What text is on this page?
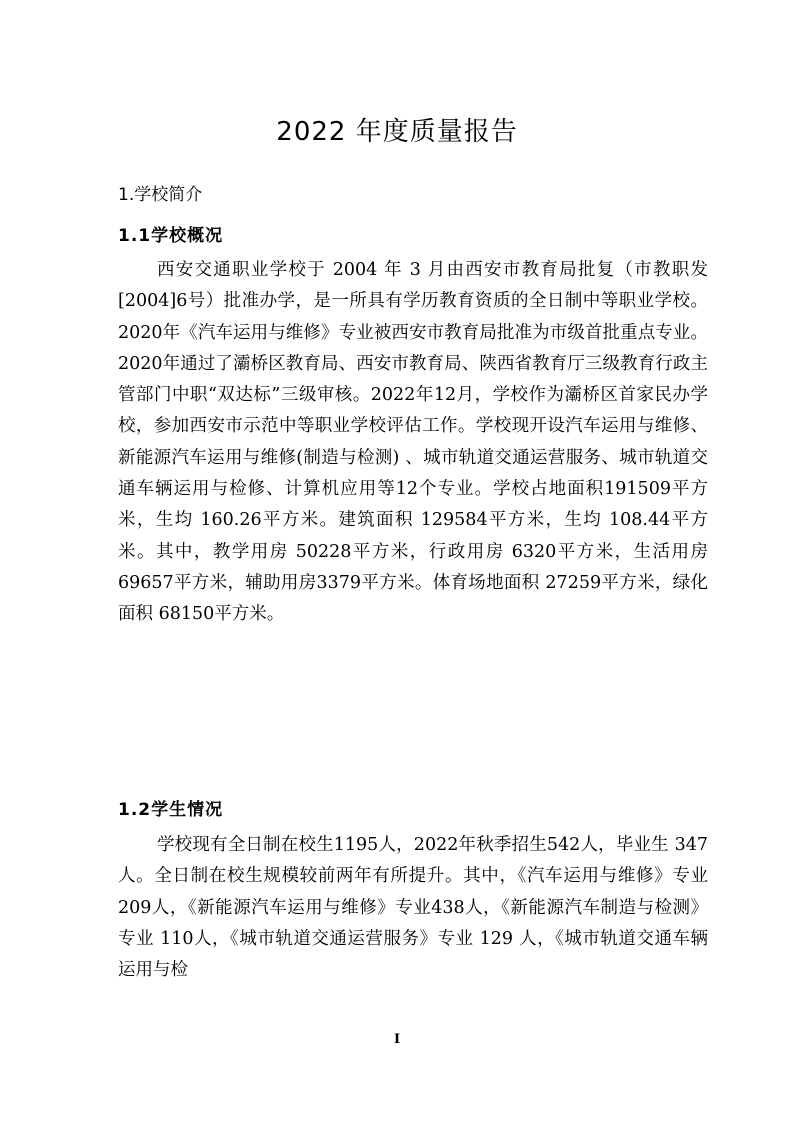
2022 年度质量报告
1.学校简介
1.1学校概况

西安交通职业学校于 2004 年 3 月由西安市教育局批复（市教职发 [2004]6号）批准办学，是一所具有学历教育资质的全日制中等职业学校。2020年《汽车运用与维修》专业被西安市教育局批准为市级首批重点专业。2020年通过了灞桥区教育局、西安市教育局、陕西省教育厅三级教育行政主管部门中职“双达标”三级审核。2022年12月，学校作为灞桥区首家民办学校，参加西安市示范中等职业学校评估工作。学校现开设汽车运用与维修、新能源汽车运用与维修(制造与检测) 、城市轨道交通运营服务、城市轨道交通车辆运用与检修、计算机应用等12个专业。学校占地面积191509平方米，生均 160.26平方米。建筑面积 129584平方米，生均 108.44平方米。其中，教学用房 50228平方米，行政用房 6320平方米，生活用房 69657平方米，辅助用房3379平方米。体育场地面积 27259平方米，绿化面积 68150平方米。

1.2学生情况

学校现有全日制在校生1195人，2022年秋季招生542人，毕业生 347人。全日制在校生规模较前两年有所提升。其中，《汽车运用与维修》专业 209人，《新能源汽车运用与维修》专业438人，《新能源汽车制造与检测》专业 110人，《城市轨道交通运营服务》专业 129 人，《城市轨道交通车辆运用与检

I
